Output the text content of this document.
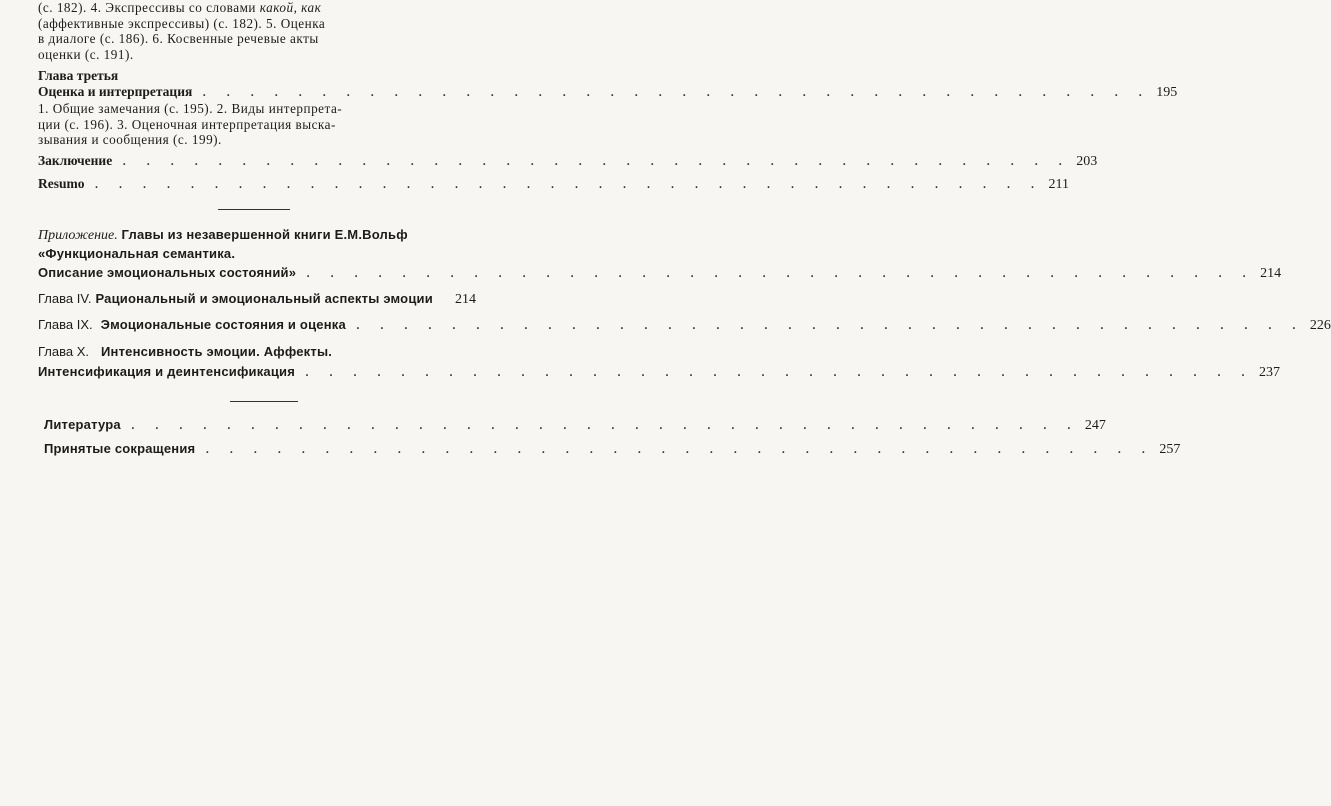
(с. 182). 4. Экспрессивы со словами какой, как
(аффективные экспрессивы) (с. 182). 5. Оценка
в диалоге (с. 186). 6. Косвенные речевые акты
оценки (с. 191).
Глава третья
Оценка и интерпретация . . . . . . . . . . . . . . . . . . . . . . . . . . . . . . . . . . . . . . . . 195
1. Общие замечания (с. 195). 2. Виды интерпрета-
ции (с. 196). 3. Оценочная интерпретация выска-
зывания и сообщения (с. 199).
Заключение . . . . . . . . . . . . . . . . . . . . . . . . . . . . . . . . . . . . . . . . 203
Resumo . . . . . . . . . . . . . . . . . . . . . . . . . . . . . . . . . . . . . . . . 211
Приложение. Главы из незавершенной книги Е.М.Вольф
«Функциональная семантика.
Описание эмоциональных состояний» . . . . . . . . . . . . . . . . . . . . . . . . . . . . . . . . . . . . . . . . 214
Глава IV. Рациональный и эмоциональный аспекты эмоции 214
Глава IX. Эмоциональные состояния и оценка . . . . . . . . . . . . . . . . . . . . . . . . . . . . . . . . . . . . . . . . 226
Глава X. Интенсивность эмоции. Аффекты.
Интенсификация и деинтенсификация . . . . . . . . . . . . . . . . . . . . . . . . . . . . . . . . . . . . . . . . 237
Литература . . . . . . . . . . . . . . . . . . . . . . . . . . . . . . . . . . . . . . . . 247
Принятые сокращения . . . . . . . . . . . . . . . . . . . . . . . . . . . . . . . . . . . . . . . . 257
